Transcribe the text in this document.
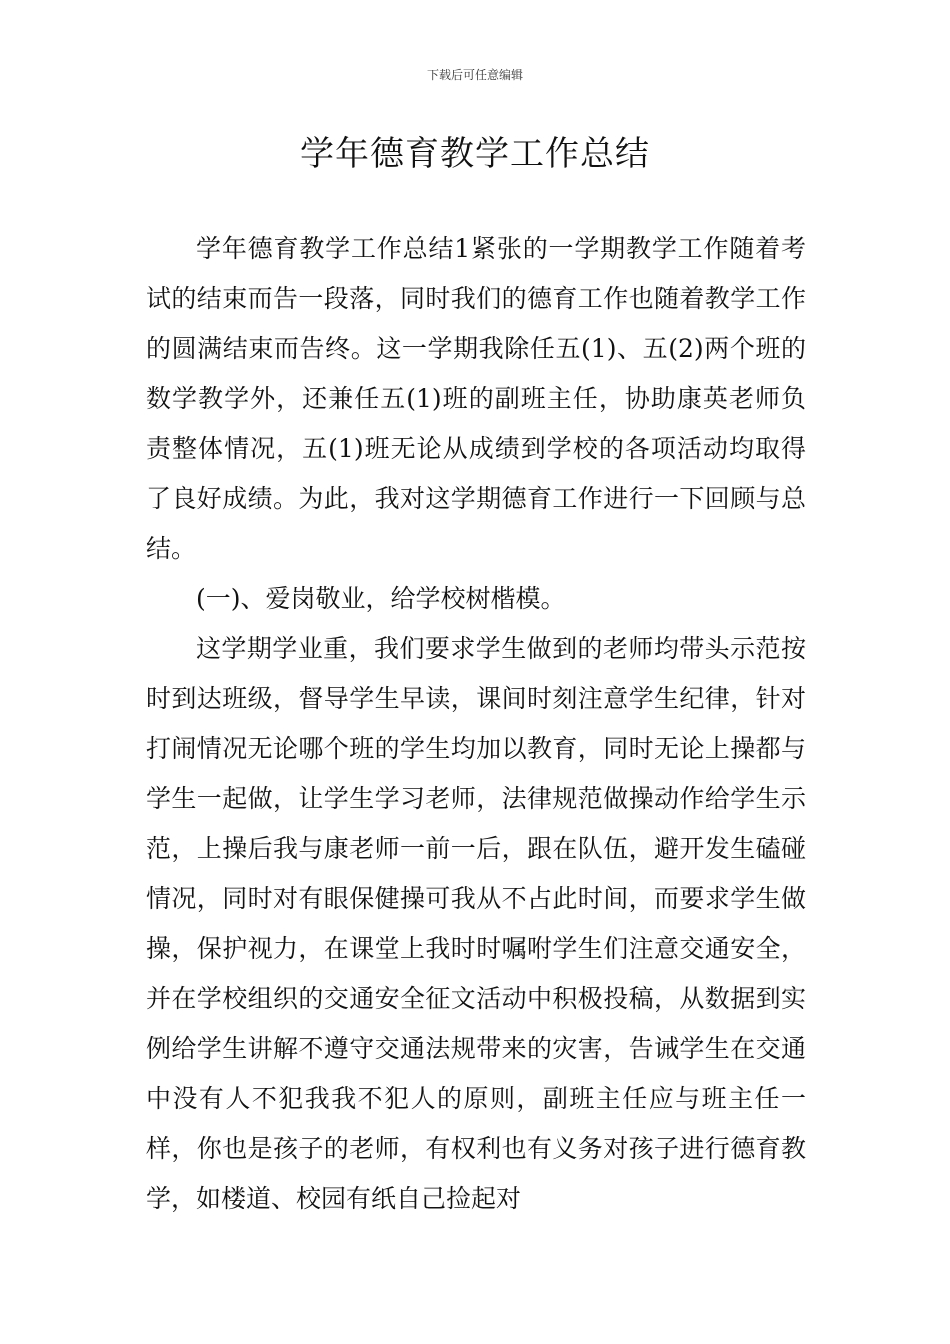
下载后可任意编辑
学年德育教学工作总结

学年德育教学工作总结1紧张的一学期教学工作随着考试的结束而告一段落，同时我们的德育工作也随着教学工作的圆满结束而告终。这一学期我除任五(1)、五(2)两个班的数学教学外，还兼任五(1)班的副班主任，协助康英老师负责整体情况，五(1)班无论从成绩到学校的各项活动均取得了良好成绩。为此，我对这学期德育工作进行一下回顾与总结。

(一)、爱岗敬业，给学校树楷模。

这学期学业重，我们要求学生做到的老师均带头示范按时到达班级，督导学生早读，课间时刻注意学生纪律，针对打闹情况无论哪个班的学生均加以教育，同时无论上操都与学生一起做，让学生学习老师，法律规范做操动作给学生示范，上操后我与康老师一前一后，跟在队伍，避开发生磕碰情况，同时对有眼保健操可我从不占此时间，而要求学生做操，保护视力，在课堂上我时时嘱咐学生们注意交通安全，并在学校组织的交通安全征文活动中积极投稿，从数据到实例给学生讲解不遵守交通法规带来的灾害，告诫学生在交通中没有人不犯我我不犯人的原则，副班主任应与班主任一样，你也是孩子的老师，有权利也有义务对孩子进行德育教学，如楼道、校园有纸自己捡起对
